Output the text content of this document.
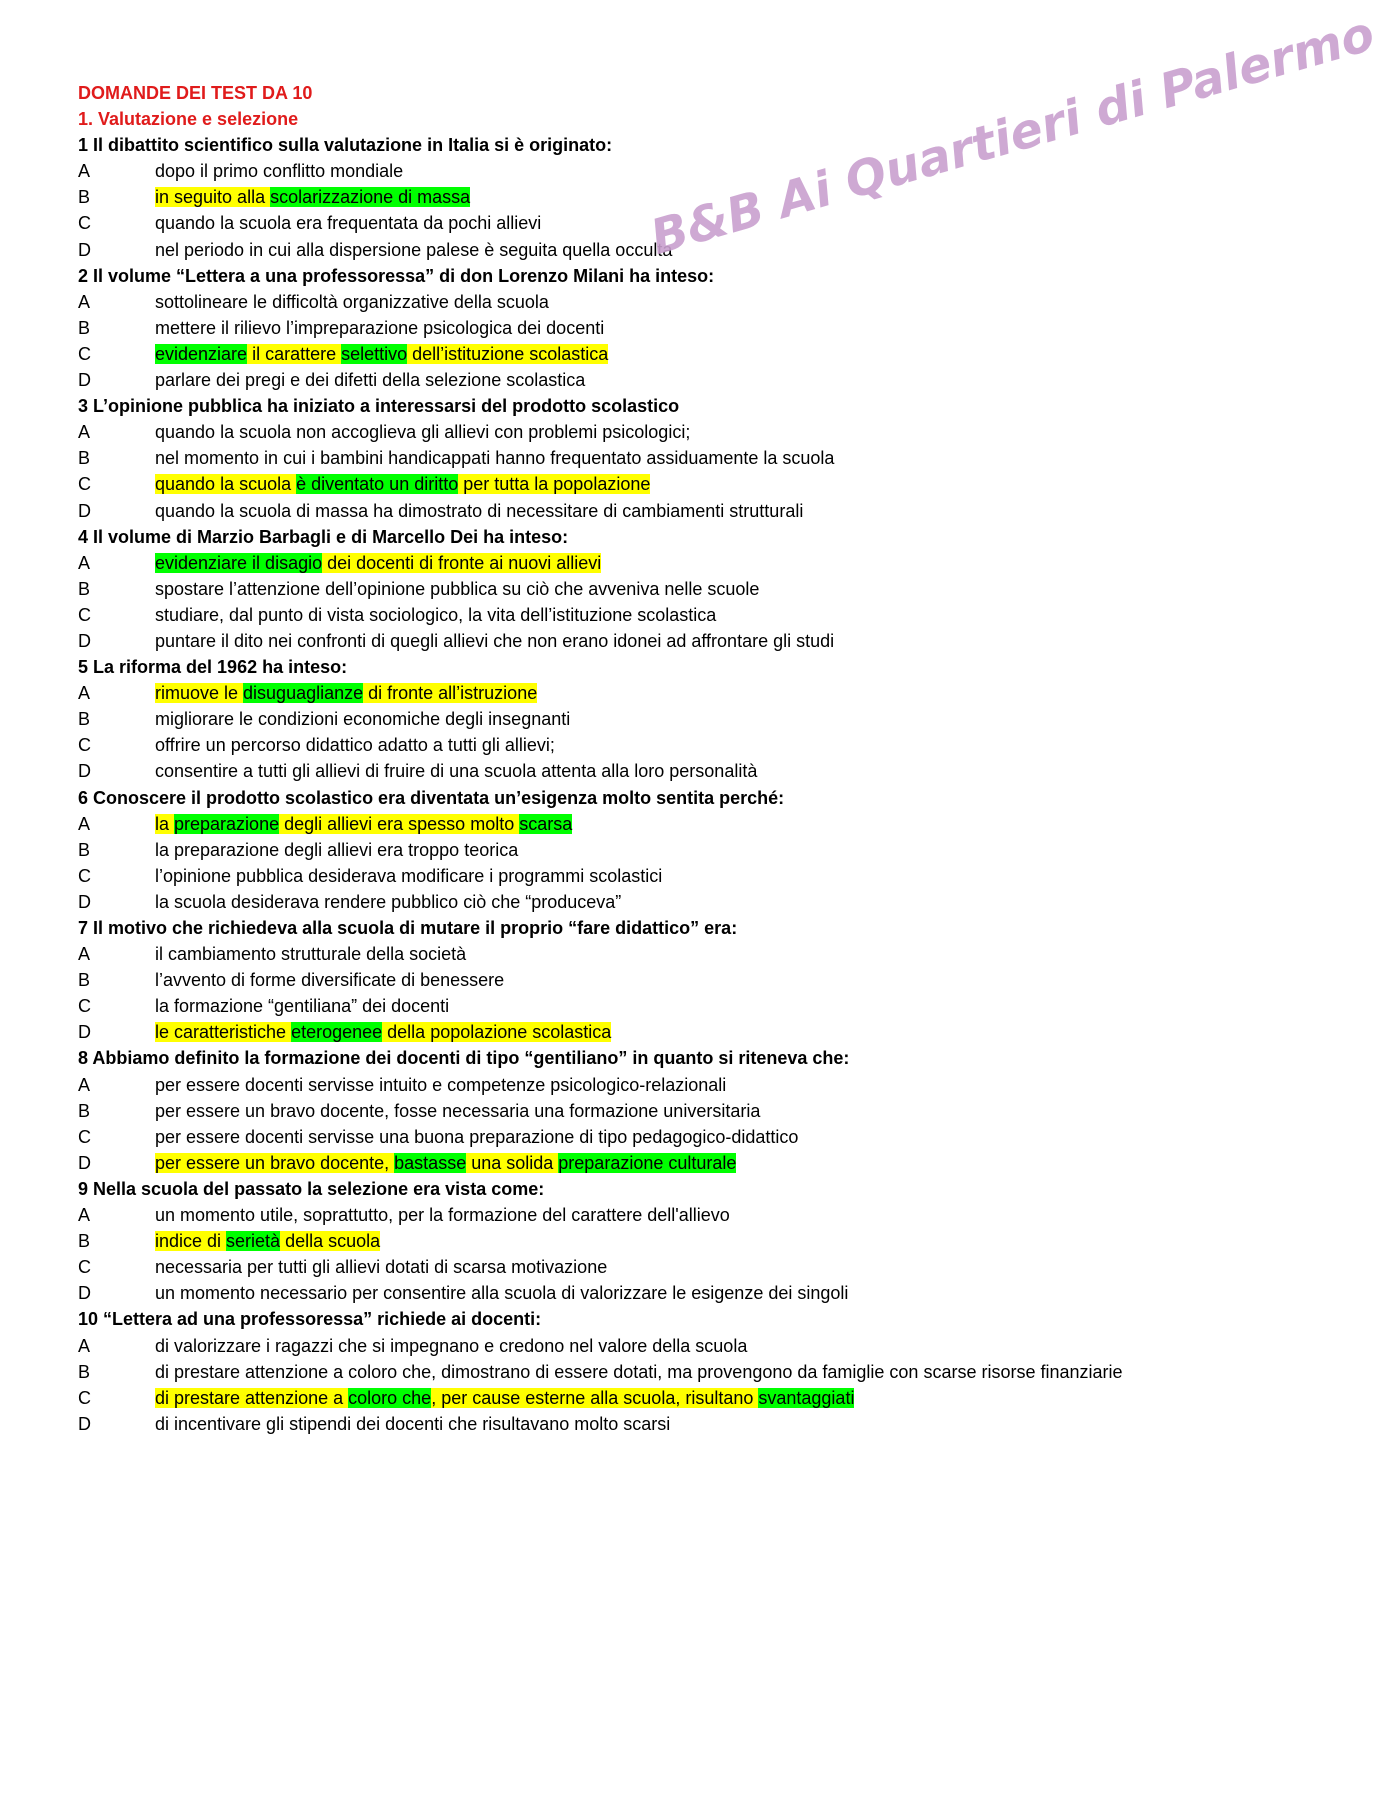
DOMANDE DEI TEST DA 10
1. Valutazione e selezione
1 Il dibattito scientifico sulla valutazione in Italia si è originato:
A	dopo il primo conflitto mondiale
B	in seguito alla scolarizzazione di massa
C	quando la scuola era frequentata da pochi allievi
D	nel periodo in cui alla dispersione palese è seguita quella occulta
2 Il volume “Lettera a una professoressa” di don Lorenzo Milani ha inteso:
A	sottolineare le difficoltà organizzative della scuola
B	mettere il rilievo l’impreparazione psicologica dei docenti
C	evidenziare il carattere selettivo dell’istituzione scolastica
D	parlare dei pregi e dei difetti della selezione scolastica
3 L’opinione pubblica ha iniziato a interessarsi del prodotto scolastico
A	quando la scuola non accoglieva gli allievi con problemi psicologici;
B	nel momento in cui i bambini handicappati hanno frequentato assiduamente la scuola
C	quando la scuola è diventato un diritto per tutta la popolazione
D	quando la scuola di massa ha dimostrato di necessitare di cambiamenti strutturali
4 Il volume di Marzio Barbagli e di Marcello Dei ha inteso:
A	evidenziare il disagio dei docenti di fronte ai nuovi allievi
B	spostare l’attenzione dell’opinione pubblica su ciò che avveniva nelle scuole
C	studiare, dal punto di vista sociologico, la vita dell’istituzione scolastica
D	puntare il dito nei confronti di quegli allievi che non erano idonei ad affrontare gli studi
5 La riforma del 1962 ha inteso:
A	rimuove le disuguaglianze di fronte all’istruzione
B	migliorare le condizioni economiche degli insegnanti
C	offrire un percorso didattico adatto a tutti gli allievi;
D	consentire a tutti gli allievi di fruire di una scuola attenta alla loro personalità
6 Conoscere il prodotto scolastico era diventata un’esigenza molto sentita perché:
A	la preparazione degli allievi era spesso molto scarsa
B	la preparazione degli allievi era troppo teorica
C	l’opinione pubblica desiderava modificare i programmi scolastici
D	la scuola desiderava rendere pubblico ciò che “produceva”
7 Il motivo che richiedeva alla scuola di mutare il proprio “fare didattico” era:
A	il cambiamento strutturale della società
B	l’avvento di forme diversificate di benessere
C	la formazione “gentiliana” dei docenti
D	le caratteristiche eterogenee della popolazione scolastica
8 Abbiamo definito la formazione dei docenti di tipo “gentiliano” in quanto si riteneva che:
A	per essere docenti servisse intuito e competenze psicologico-relazionali
B	per essere un bravo docente, fosse necessaria una formazione universitaria
C	per essere docenti servisse una buona preparazione di tipo pedagogico-didattico
D	per essere un bravo docente, bastasse una solida preparazione culturale
9 Nella scuola del passato la selezione era vista come:
A	un momento utile, soprattutto, per la formazione del carattere dell'allievo
B	indice di serietà della scuola
C	necessaria per tutti gli allievi dotati di scarsa motivazione
D	un momento necessario per consentire alla scuola di valorizzare le esigenze dei singoli
10 “Lettera ad una professoressa” richiede ai docenti:
A	di valorizzare i ragazzi che si impegnano e credono nel valore della scuola
B	di prestare attenzione a coloro che, dimostrano di essere dotati, ma provengono da famiglie con scarse risorse finanziarie
C	di prestare attenzione a coloro che, per cause esterne alla scuola, risultano svantaggiati
D	di incentivare gli stipendi dei docenti che risultavano molto scarsi
B&B Ai Quartieri di Palermo
